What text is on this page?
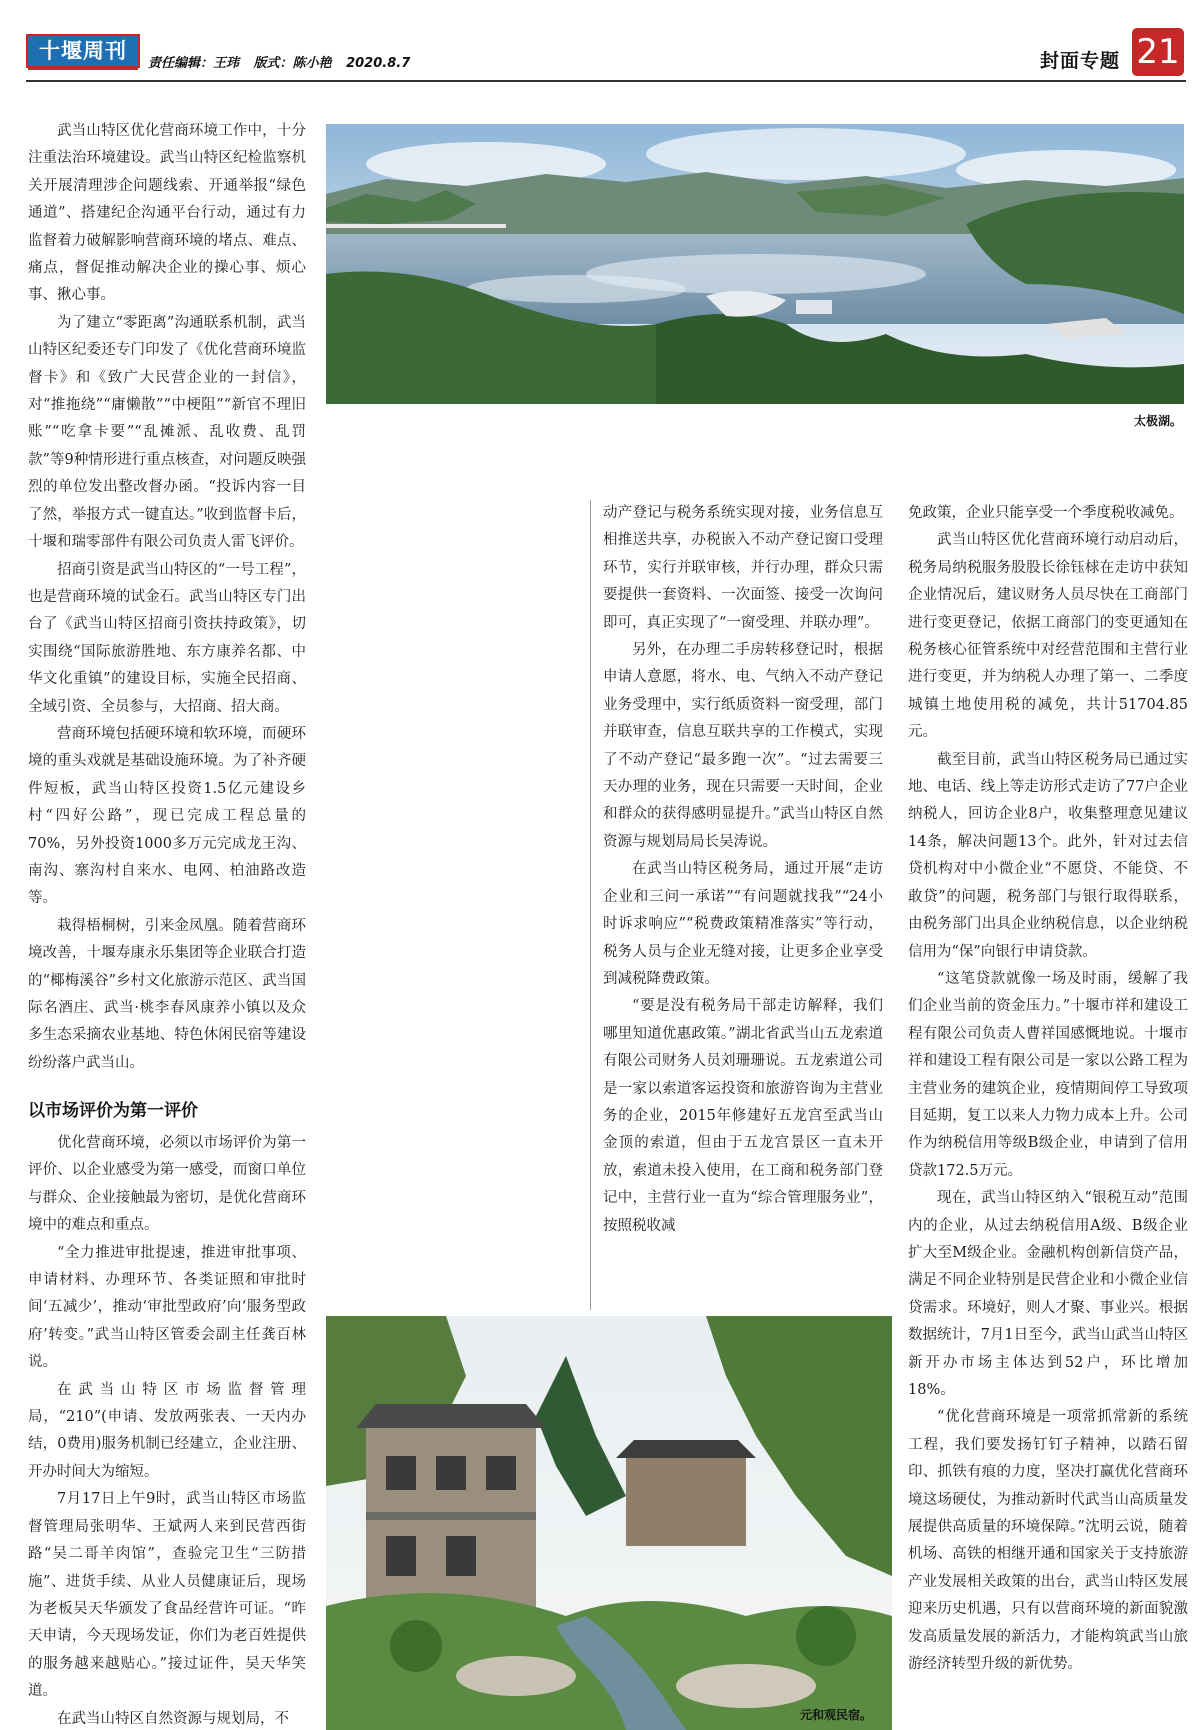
十堰周刊
责任编辑：王玮 版式：陈小艳 2020.8.7	封面专题 21

武当山特区优化营商环境工作中，十分注重法治环境建设。武当山特区纪检监察机关开展清理涉企问题线索、开通举报“绿色通道”、搭建纪企沟通平台行动，通过有力监督着力破解影响营商环境的堵点、难点、痛点，督促推动解决企业的操心事、烦心事、揪心事。

为了建立“零距离”沟通联系机制，武当山特区纪委还专门印发了《优化营商环境监督卡》和《致广大民营企业的一封信》，对“推拖绕”“庸懒散”“中梗阻”“新官不理旧账”“吃拿卡要”“乱摊派、乱收费、乱罚款”等9种情形进行重点核查，对问题反映强烈的单位发出整改督办函。“投诉内容一目了然，举报方式一键直达。”收到监督卡后，十堰和瑞零部件有限公司负责人雷飞评价。

招商引资是武当山特区的“一号工程”，也是营商环境的试金石。武当山特区专门出台了《武当山特区招商引资扶持政策》，切实围绕“国际旅游胜地、东方康养名都、中华文化重镇”的建设目标，实施全民招商、全域引资、全员参与，大招商、招大商。

营商环境包括硬环境和软环境，而硬环境的重头戏就是基础设施环境。为了补齐硬件短板，武当山特区投资1.5亿元建设乡村“四好公路”，现已完成工程总量的70%，另外投资1000多万元完成龙王沟、南沟、寨沟村自来水、电网、柏油路改造等。

栽得梧桐树，引来金凤凰。随着营商环境改善，十堰寿康永乐集团等企业联合打造的“椰梅溪谷”乡村文化旅游示范区、武当国际名酒庄、武当·桃李春风康养小镇以及众多生态采摘农业基地、特色休闲民宿等建设纷纷落户武当山。

以市场评价为第一评价

优化营商环境，必须以市场评价为第一评价、以企业感受为第一感受，而窗口单位与群众、企业接触最为密切，是优化营商环境中的难点和重点。

“全力推进审批提速，推进审批事项、申请材料、办理环节、各类证照和审批时间‘五减少’，推动‘审批型政府’向‘服务型政府’转变。”武当山特区管委会副主任龚百林说。

在武当山特区市场监督管理局，“210”(申请、发放两张表、一天内办结，0费用)服务机制已经建立，企业注册、开办时间大为缩短。

7月17日上午9时，武当山特区市场监督管理局张明华、王斌两人来到民营西街路“吴二哥羊肉馆”，查验完卫生“三防措施”、进货手续、从业人员健康证后，现场为老板吴天华颁发了食品经营许可证。“昨天申请，今天现场发证，你们为老百姓提供的服务越来越贴心。”接过证件，吴天华笑道。

在武当山特区自然资源与规划局，不

太极湖。

动产登记与税务系统实现对接，业务信息互相推送共享，办税嵌入不动产登记窗口受理环节，实行并联审核，并行办理，群众只需要提供一套资料、一次面签、接受一次询问即可，真正实现了“一窗受理、并联办理”。

另外，在办理二手房转移登记时，根据申请人意愿，将水、电、气纳入不动产登记业务受理中，实行纸质资料一窗受理，部门并联审查，信息互联共享的工作模式，实现了不动产登记“最多跑一次”。“过去需要三天办理的业务，现在只需要一天时间，企业和群众的获得感明显提升。”武当山特区自然资源与规划局局长吴涛说。

在武当山特区税务局，通过开展“走访企业和三问一承诺”“有问题就找我”“24小时诉求响应”“税费政策精准落实”等行动，税务人员与企业无缝对接，让更多企业享受到减税降费政策。

“要是没有税务局干部走访解释，我们哪里知道优惠政策。”湖北省武当山五龙索道有限公司财务人员刘珊珊说。五龙索道公司是一家以索道客运投资和旅游咨询为主营业务的企业，2015年修建好五龙宫至武当山金顶的索道，但由于五龙宫景区一直未开放，索道未投入使用，在工商和税务部门登记中，主营行业一直为“综合管理服务业”，按照税收减

免政策，企业只能享受一个季度税收减免。

武当山特区优化营商环境行动启动后，税务局纳税服务股股长徐钰梂在走访中获知企业情况后，建议财务人员尽快在工商部门进行变更登记，依据工商部门的变更通知在税务核心征管系统中对经营范围和主营行业进行变更，并为纳税人办理了第一、二季度城镇土地使用税的减免，共计51704.85元。

截至目前，武当山特区税务局已通过实地、电话、线上等走访形式走访了77户企业纳税人，回访企业8户，收集整理意见建议14条，解决问题13个。此外，针对过去信贷机构对中小微企业“不愿贷、不能贷、不敢贷”的问题，税务部门与银行取得联系，由税务部门出具企业纳税信息，以企业纳税信用为“保”向银行申请贷款。

“这笔贷款就像一场及时雨，缓解了我们企业当前的资金压力。”十堰市祥和建设工程有限公司负责人曹祥国感慨地说。十堰市祥和建设工程有限公司是一家以公路工程为主营业务的建筑企业，疫情期间停工导致项目延期，复工以来人力物力成本上升。公司作为纳税信用等级B级企业，申请到了信用贷款172.5万元。

现在，武当山特区纳入“银税互动”范围内的企业，从过去纳税信用A级、B级企业扩大至M级企业。金融机构创新信贷产品，满足不同企业特别是民营企业和小微企业信贷需求。环境好，则人才聚、事业兴。根据数据统计，7月1日至今，武当山武当山特区新开办市场主体达到52户，环比增加18%。

“优化营商环境是一项常抓常新的系统工程，我们要发扬钉钉子精神，以踏石留印、抓铁有痕的力度，坚决打赢优化营商环境这场硬仗，为推动新时代武当山高质量发展提供高质量的环境保障。”沈明云说，随着机场、高铁的相继开通和国家关于支持旅游产业发展相关政策的出台，武当山特区发展迎来历史机遇，只有以营商环境的新面貌激发高质量发展的新活力，才能构筑武当山旅游经济转型升级的新优势。

元和观民宿。
